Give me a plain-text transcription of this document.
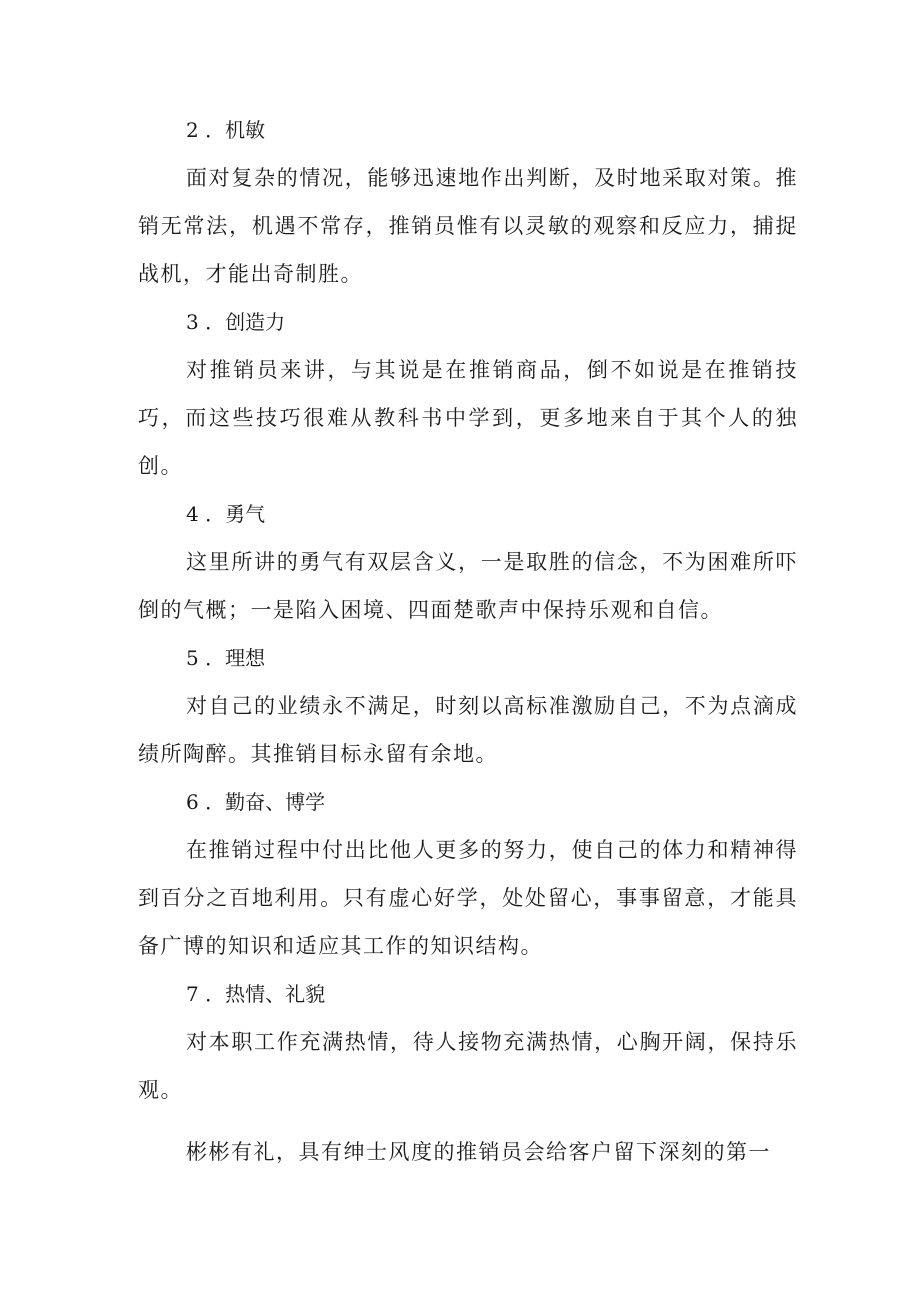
2 ．机敏

面对复杂的情况，能够迅速地作出判断，及时地采取对策。推销无常法，机遇不常存，推销员惟有以灵敏的观察和反应力，捕捉战机，才能出奇制胜。

3 ．创造力

对推销员来讲，与其说是在推销商品，倒不如说是在推销技巧，而这些技巧很难从教科书中学到，更多地来自于其个人的独创。

4 ．勇气

这里所讲的勇气有双层含义，一是取胜的信念，不为困难所吓倒的气概；一是陷入困境、四面楚歌声中保持乐观和自信。

5 ．理想

对自己的业绩永不满足，时刻以高标准激励自己，不为点滴成绩所陶醉。其推销目标永留有余地。

6 ．勤奋、博学

在推销过程中付出比他人更多的努力，使自己的体力和精神得到百分之百地利用。只有虚心好学，处处留心，事事留意，才能具备广博的知识和适应其工作的知识结构。

7 ．热情、礼貌

对本职工作充满热情，待人接物充满热情，心胸开阔，保持乐观。

彬彬有礼，具有绅士风度的推销员会给客户留下深刻的第一
